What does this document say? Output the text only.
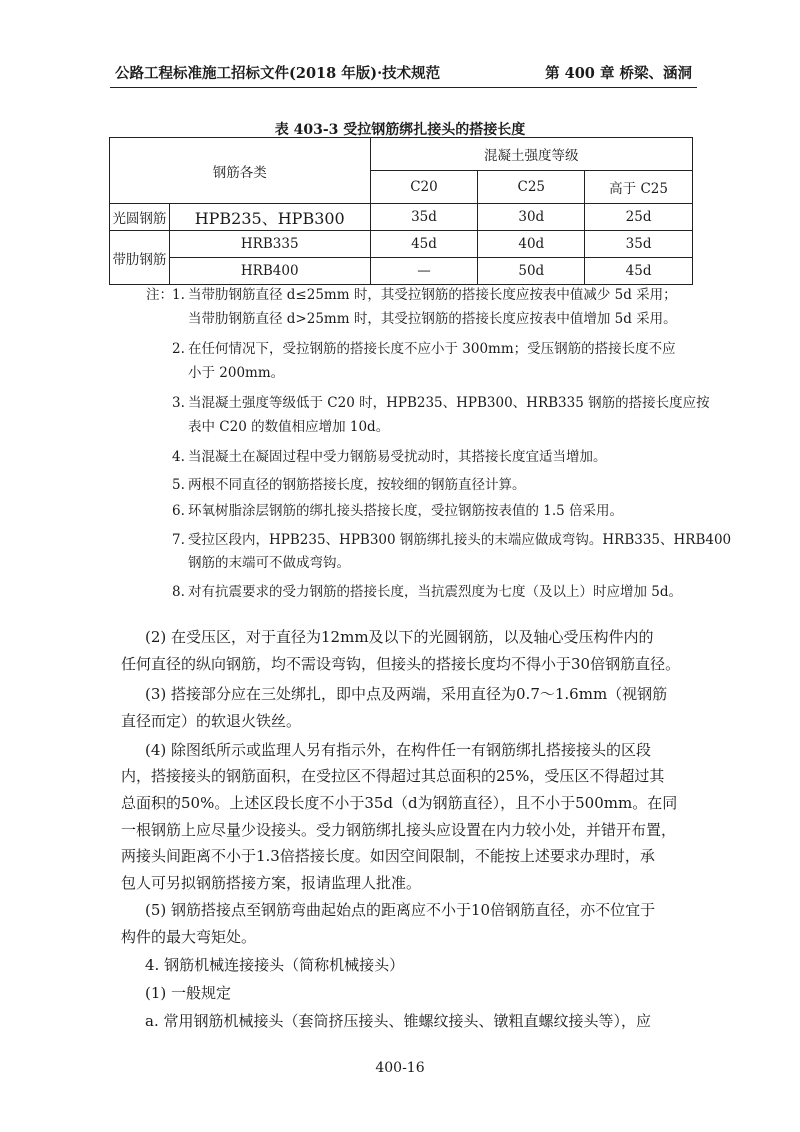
公路工程标准施工招标文件(2018 年版)·技术规范	第 400 章 桥梁、涵洞
表 403-3 受拉钢筋绑扎接头的搭接长度
钢筋各类		混凝土强度等级		
		C20	C25	高于 C25
光圆钢筋	HPB235、HPB300	35d	30d	25d
带肋钢筋	HRB335	45d	40d	35d
	HRB400	—	50d	45d
注：1. 当带肋钢筋直径 d≤25mm 时，其受拉钢筋的搭接长度应按表中值减少 5d 采用；
当带肋钢筋直径 d>25mm 时，其受拉钢筋的搭接长度应按表中值增加 5d 采用。
2. 在任何情况下，受拉钢筋的搭接长度不应小于 300mm；受压钢筋的搭接长度不应
小于 200mm。
3. 当混凝土强度等级低于 C20 时，HPB235、HPB300、HRB335 钢筋的搭接长度应按
表中 C20 的数值相应增加 10d。
4. 当混凝土在凝固过程中受力钢筋易受扰动时，其搭接长度宜适当增加。
5. 两根不同直径的钢筋搭接长度，按较细的钢筋直径计算。
6. 环氧树脂涂层钢筋的绑扎接头搭接长度，受拉钢筋按表值的 1.5 倍采用。
7. 受拉区段内，HPB235、HPB300 钢筋绑扎接头的末端应做成弯钩。HRB335、HRB400
钢筋的末端可不做成弯钩。
8. 对有抗震要求的受力钢筋的搭接长度，当抗震烈度为七度（及以上）时应增加 5d。
(2) 在受压区，对于直径为12mm及以下的光圆钢筋，以及轴心受压构件内的
任何直径的纵向钢筋，均不需设弯钩，但接头的搭接长度均不得小于30倍钢筋直径。
(3) 搭接部分应在三处绑扎，即中点及两端，采用直径为0.7～1.6mm（视钢筋
直径而定）的软退火铁丝。
(4) 除图纸所示或监理人另有指示外，在构件任一有钢筋绑扎搭接接头的区段
内，搭接接头的钢筋面积，在受拉区不得超过其总面积的25%，受压区不得超过其
总面积的50%。上述区段长度不小于35d（d为钢筋直径），且不小于500mm。在同
一根钢筋上应尽量少设接头。受力钢筋绑扎接头应设置在内力较小处，并错开布置，
两接头间距离不小于1.3倍搭接长度。如因空间限制，不能按上述要求办理时，承
包人可另拟钢筋搭接方案，报请监理人批准。
(5) 钢筋搭接点至钢筋弯曲起始点的距离应不小于10倍钢筋直径，亦不位宜于
构件的最大弯矩处。
4. 钢筋机械连接接头（简称机械接头）
(1) 一般规定
a. 常用钢筋机械接头（套筒挤压接头、锥螺纹接头、镦粗直螺纹接头等），应
400-16
